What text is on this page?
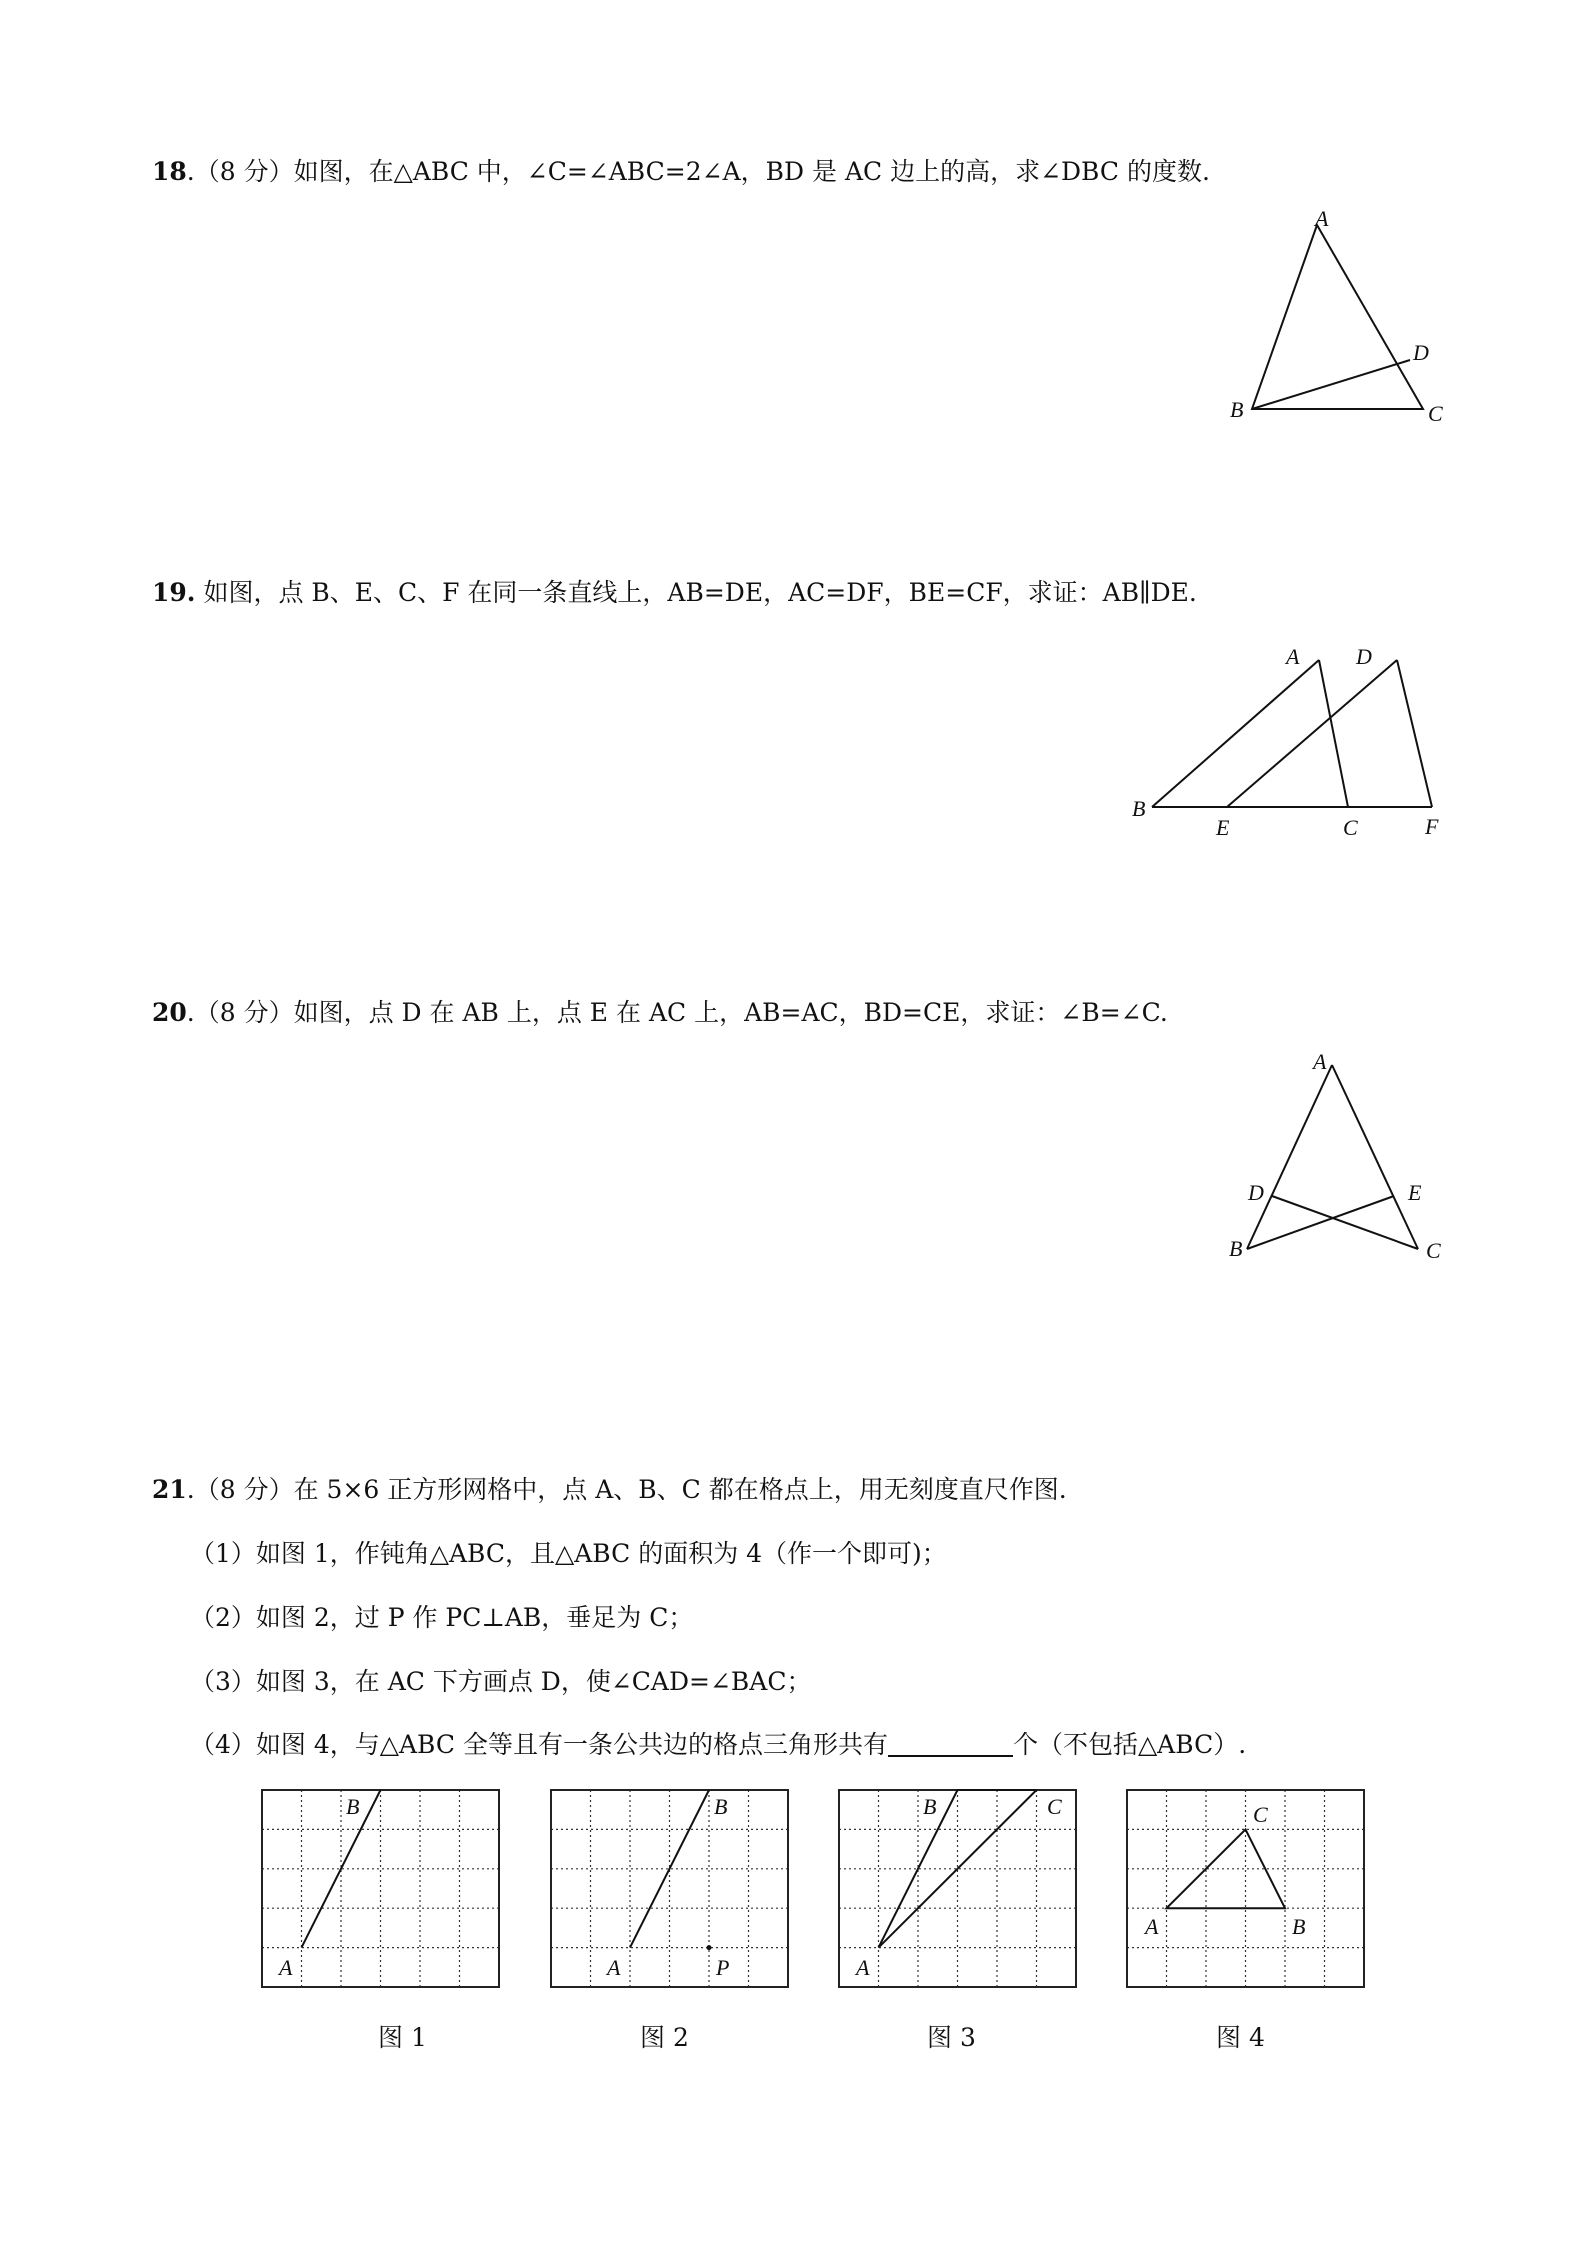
18.（8 分）如图，在△ABC 中，∠C=∠ABC=2∠A，BD 是 AC 边上的高，求∠DBC 的度数.
A
B	C
D
19. 如图，点 B、E、C、F 在同一条直线上，AB=DE，AC=DF，BE=CF，求证：AB∥DE.
A	D
B
E	C	F
20.（8 分）如图，点 D 在 AB 上，点 E 在 AC 上，AB=AC，BD=CE，求证：∠B=∠C.
A
D	E
B	C
21.（8 分）在 5×6 正方形网格中，点 A、B、C 都在格点上，用无刻度直尺作图.
（1）如图 1，作钝角△ABC，且△ABC 的面积为 4（作一个即可)；
（2）如图 2，过 P 作 PC⊥AB，垂足为 C；
（3）如图 3，在 AC 下方画点 D，使∠CAD=∠BAC；
（4）如图 4，与△ABC 全等且有一条公共边的格点三角形共有	个（不包括△ABC）.
A
B
图 1
A
B
P
图 2
A
B	C
图 3
A	B
C
图 4
